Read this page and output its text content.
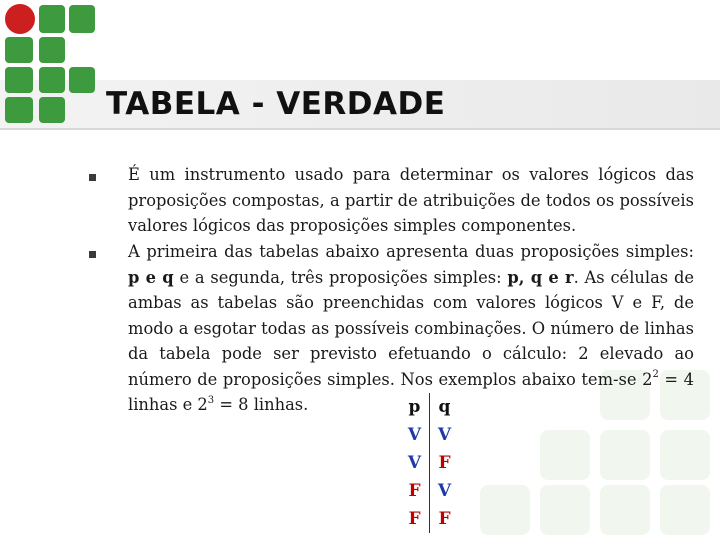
TABELA - VERDADE

É um instrumento usado para determinar os valores lógicos das proposições compostas, a partir de atribuições de todos os possíveis valores lógicos das proposições simples componentes.

A primeira das tabelas abaixo apresenta duas proposições simples: p e q e a segunda, três proposições simples: p, q e r. As células de ambas as tabelas são preenchidas com valores lógicos V e F, de modo a esgotar todas as possíveis combinações. O número de linhas da tabela pode ser previsto efetuando o cálculo: 2 elevado ao número de proposições simples. Nos exemplos abaixo tem-se $2^2 = 4$ linhas e $2^3 = 8$ linhas.	p	q
V	V
V	F
F	V
F	F
